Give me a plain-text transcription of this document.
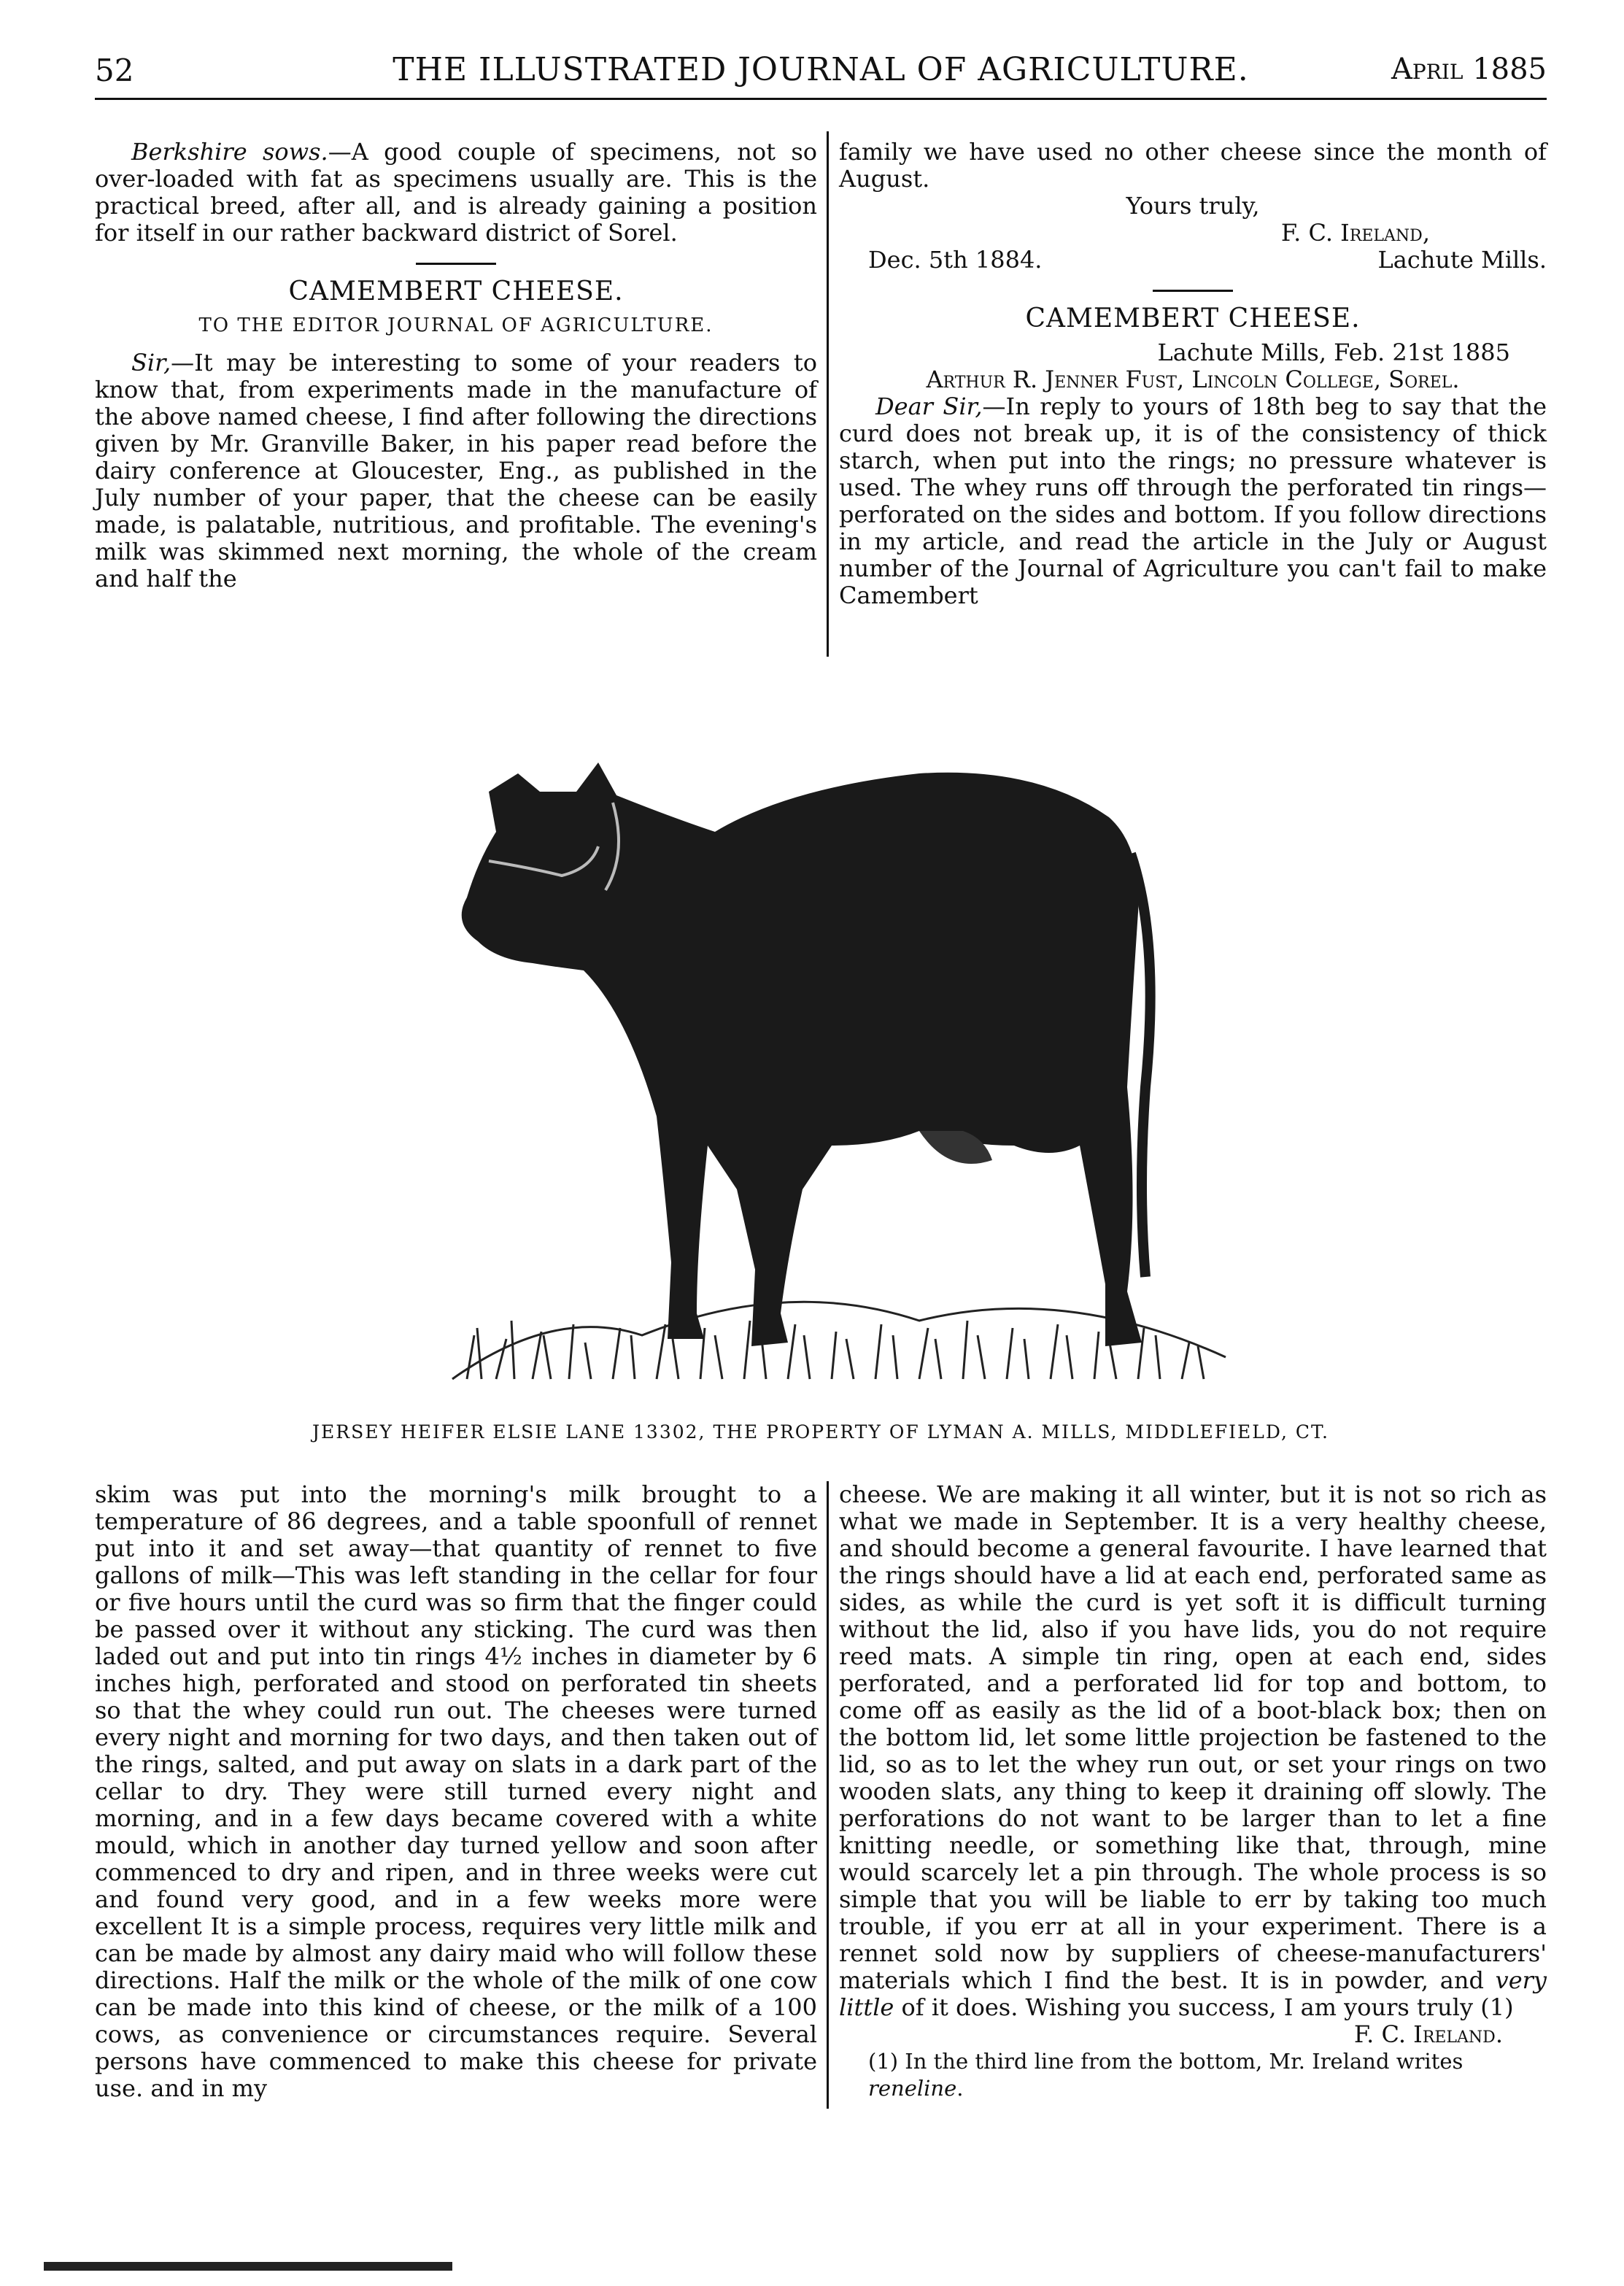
52	THE ILLUSTRATED JOURNAL OF AGRICULTURE.	April 1885

Berkshire sows.—A good couple of specimens, not so over-loaded with fat as specimens usually are. This is the practical breed, after all, and is already gaining a position for itself in our rather backward district of Sorel.

CAMEMBERT CHEESE.
TO THE EDITOR JOURNAL OF AGRICULTURE.

Sir,—It may be interesting to some of your readers to know that, from experiments made in the manufacture of the above named cheese, I find after following the directions given by Mr. Granville Baker, in his paper read before the dairy conference at Gloucester, Eng., as published in the July number of your paper, that the cheese can be easily made, is palatable, nutritious, and profitable. The evening's milk was skimmed next morning, the whole of the cream and half the

family we have used no other cheese since the month of August.

Yours truly,

F. C. Ireland,

Dec. 5th 1884.	Lachute Mills.
CAMEMBERT CHEESE.

Lachute Mills, Feb. 21st 1885

Arthur R. Jenner Fust, Lincoln College, Sorel.

Dear Sir,—In reply to yours of 18th beg to say that the curd does not break up, it is of the consistency of thick starch, when put into the rings; no pressure whatever is used. The whey runs off through the perforated tin rings—perforated on the sides and bottom. If you follow directions in my article, and read the article in the July or August number of the Journal of Agriculture you can't fail to make Camembert

JERSEY HEIFER ELSIE LANE 13302, THE PROPERTY OF LYMAN A. MILLS, MIDDLEFIELD, CT.

skim was put into the morning's milk brought to a temperature of 86 degrees, and a table spoonfull of rennet put into it and set away—that quantity of rennet to five gallons of milk—This was left standing in the cellar for four or five hours until the curd was so firm that the finger could be passed over it without any sticking. The curd was then laded out and put into tin rings 4½ inches in diameter by 6 inches high, perforated and stood on perforated tin sheets so that the whey could run out. The cheeses were turned every night and morning for two days, and then taken out of the rings, salted, and put away on slats in a dark part of the cellar to dry. They were still turned every night and morning, and in a few days became covered with a white mould, which in another day turned yellow and soon after commenced to dry and ripen, and in three weeks were cut and found very good, and in a few weeks more were excellent It is a simple process, requires very little milk and can be made by almost any dairy maid who will follow these directions. Half the milk or the whole of the milk of one cow can be made into this kind of cheese, or the milk of a 100 cows, as convenience or circumstances require. Several persons have commenced to make this cheese for private use. and in my

cheese. We are making it all winter, but it is not so rich as what we made in September. It is a very healthy cheese, and should become a general favourite. I have learned that the rings should have a lid at each end, perforated same as sides, as while the curd is yet soft it is difficult turning without the lid, also if you have lids, you do not require reed mats. A simple tin ring, open at each end, sides perforated, and a perforated lid for top and bottom, to come off as easily as the lid of a boot-black box; then on the bottom lid, let some little projection be fastened to the lid, so as to let the whey run out, or set your rings on two wooden slats, any thing to keep it draining off slowly. The perforations do not want to be larger than to let a fine knitting needle, or something like that, through, mine would scarcely let a pin through. The whole process is so simple that you will be liable to err by taking too much trouble, if you err at all in your experiment. There is a rennet sold now by suppliers of cheese-manufacturers' materials which I find the best. It is in powder, and very little of it does. Wishing you success, I am yours truly (1)

F. C. Ireland.

(1) In the third line from the bottom, Mr. Ireland writes reneline.
